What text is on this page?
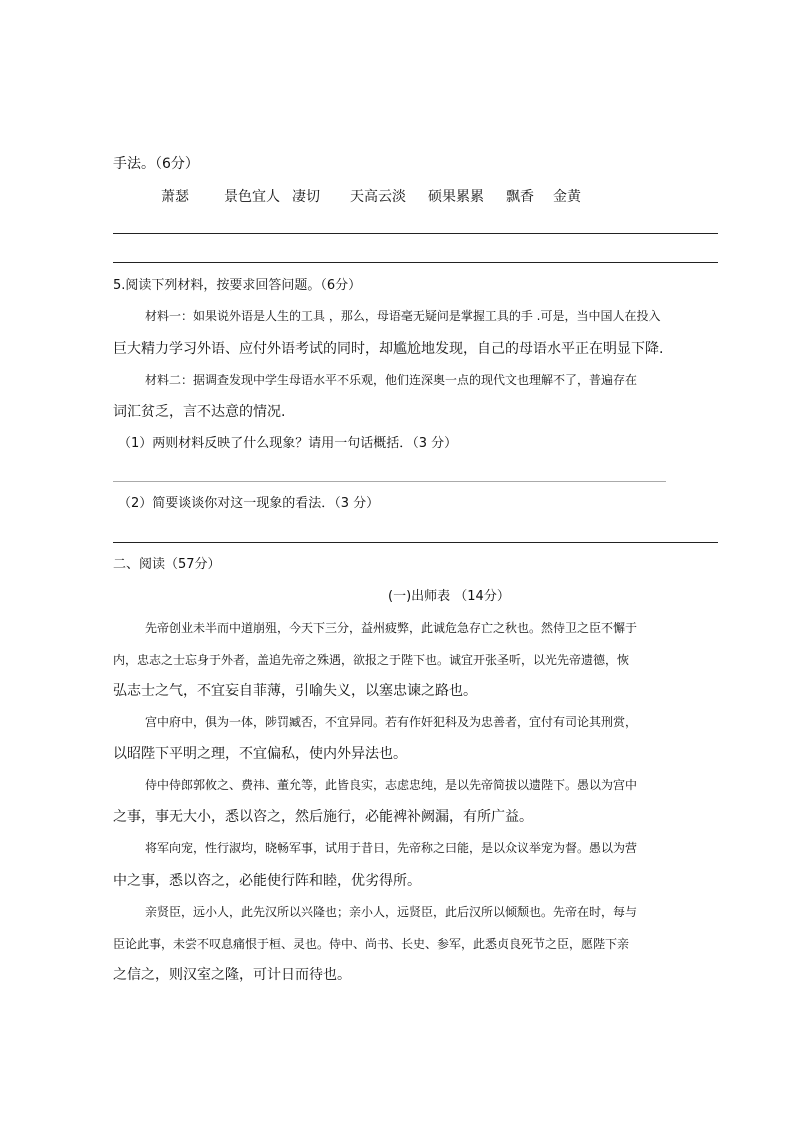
手法。（6分）
萧瑟	景色宜人 凄切 天高云淡 硕果累累 飘香 金黄
5.阅读下列材料，按要求回答问题。（6分）
材料一：如果说外语是人生的工具 ，那么，母语毫无疑问是掌握工具的手 .可是，当中国人在投入
巨大精力学习外语、应付外语考试的同时，却尴尬地发现，自己的母语水平正在明显下降.
材料二：据调查发现中学生母语水平不乐观，他们连深奥一点的现代文也理解不了，普遍存在
词汇贫乏，言不达意的情况.
（1）两则材料反映了什么现象？请用一句话概括．（3 分）
（2）简要谈谈你对这一现象的看法．（3 分）
二、阅读（57分）
(一)出师表 （14分）
先帝创业未半而中道崩殂，今天下三分，益州疲弊，此诚危急存亡之秋也。然侍卫之臣不懈于
内，忠志之士忘身于外者，盖追先帝之殊遇，欲报之于陛下也。诚宜开张圣听，以光先帝遗德，恢
弘志士之气，不宜妄自菲薄，引喻失义，以塞忠谏之路也。
宫中府中，俱为一体，陟罚臧否，不宜异同。若有作奸犯科及为忠善者，宜付有司论其刑赏，
以昭陛下平明之理，不宜偏私，使内外异法也。
侍中侍郎郭攸之、费祎、董允等，此皆良实，志虑忠纯，是以先帝简拔以遗陛下。愚以为宫中
之事，事无大小，悉以咨之，然后施行，必能裨补阙漏，有所广益。
将军向宠，性行淑均，晓畅军事，试用于昔日，先帝称之曰能，是以众议举宠为督。愚以为营
中之事，悉以咨之，必能使行阵和睦，优劣得所。
亲贤臣，远小人，此先汉所以兴隆也；亲小人，远贤臣，此后汉所以倾颓也。先帝在时，每与
臣论此事，未尝不叹息痛恨于桓、灵也。侍中、尚书、长史、参军，此悉贞良死节之臣，愿陛下亲
之信之，则汉室之隆，可计日而待也。
